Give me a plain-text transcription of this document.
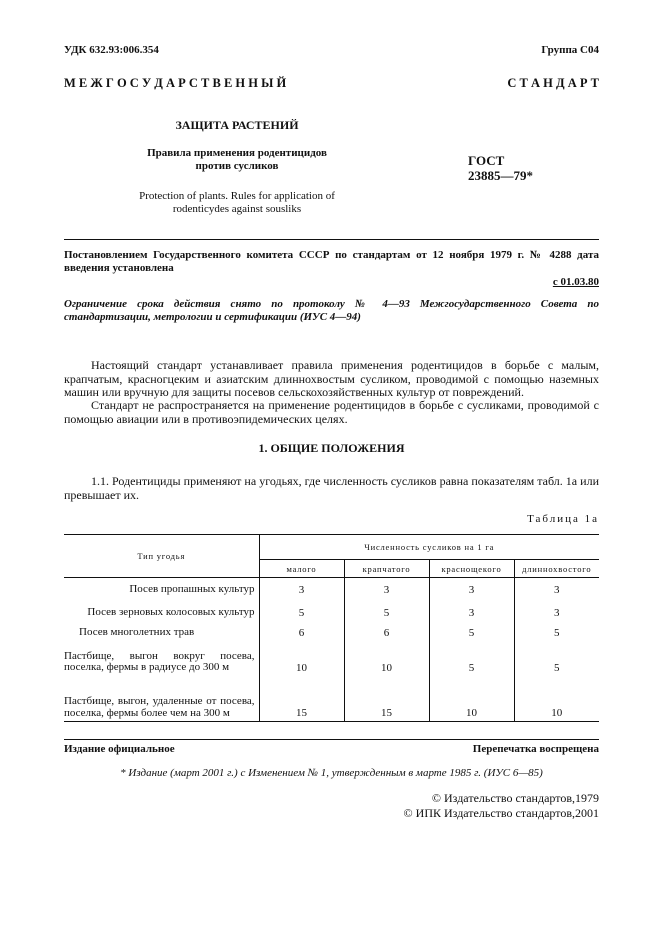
УДК 632.93:006.354	Группа С04
М Е Ж Г О С У Д А Р С Т В Е Н Н Ы Й	С Т А Н Д А Р Т
ЗАЩИТА РАСТЕНИЙ
Правила применения родентицидов
против сусликов
Protection of plants. Rules for application of
rodenticydes against sousliks
ГОСТ
23885—79*
Постановлением Государственного комитета СССР по стандартам от 12 ноября 1979 г. № 4288 дата введения установлена
с 01.03.80
Ограничение срока действия снято по протоколу № 4—93 Межгосударственного Совета по стандартизации, метрологии и сертификации (ИУС 4—94)
Настоящий стандарт устанавливает правила применения родентицидов в борьбе с малым, крапчатым, красногцеким и азиатским длиннохвостым сусликом, проводимой с помощью наземных машин или вручную для защиты посевов сельскохозяйственных культур от повреждений.
Стандарт не распространяется на применение родентицидов в борьбе с сусликами, проводимой с помощью авиации или в противоэпидемических целях.
1. ОБЩИЕ ПОЛОЖЕНИЯ
1.1. Родентициды применяют на угодьях, где численность сусликов равна показателям табл. 1а или превышает их.
Таблица 1а
Тип угодья	Численность сусликов на 1 га			
	малого	крапчатого	краснощекого	длиннохвостого
Посев пропашных культур	3	3	3	3
Посев зерновых колосовых культур	5	5	3	3
Посев многолетних трав	6	6	5	5
Пастбище, выгон вокруг посева, поселка, фермы в радиусе до 300 м	10	10	5	5
Пастбище, выгон, удаленные от посева, поселка, фермы более чем на 300 м	15	15	10	10
Издание официальное	Перепечатка воспрещена
* Издание (март 2001 г.) с Изменением № 1, утвержденным в марте 1985 г. (ИУС 6—85)
© Издательство стандартов,1979
© ИПК Издательство стандартов,2001
